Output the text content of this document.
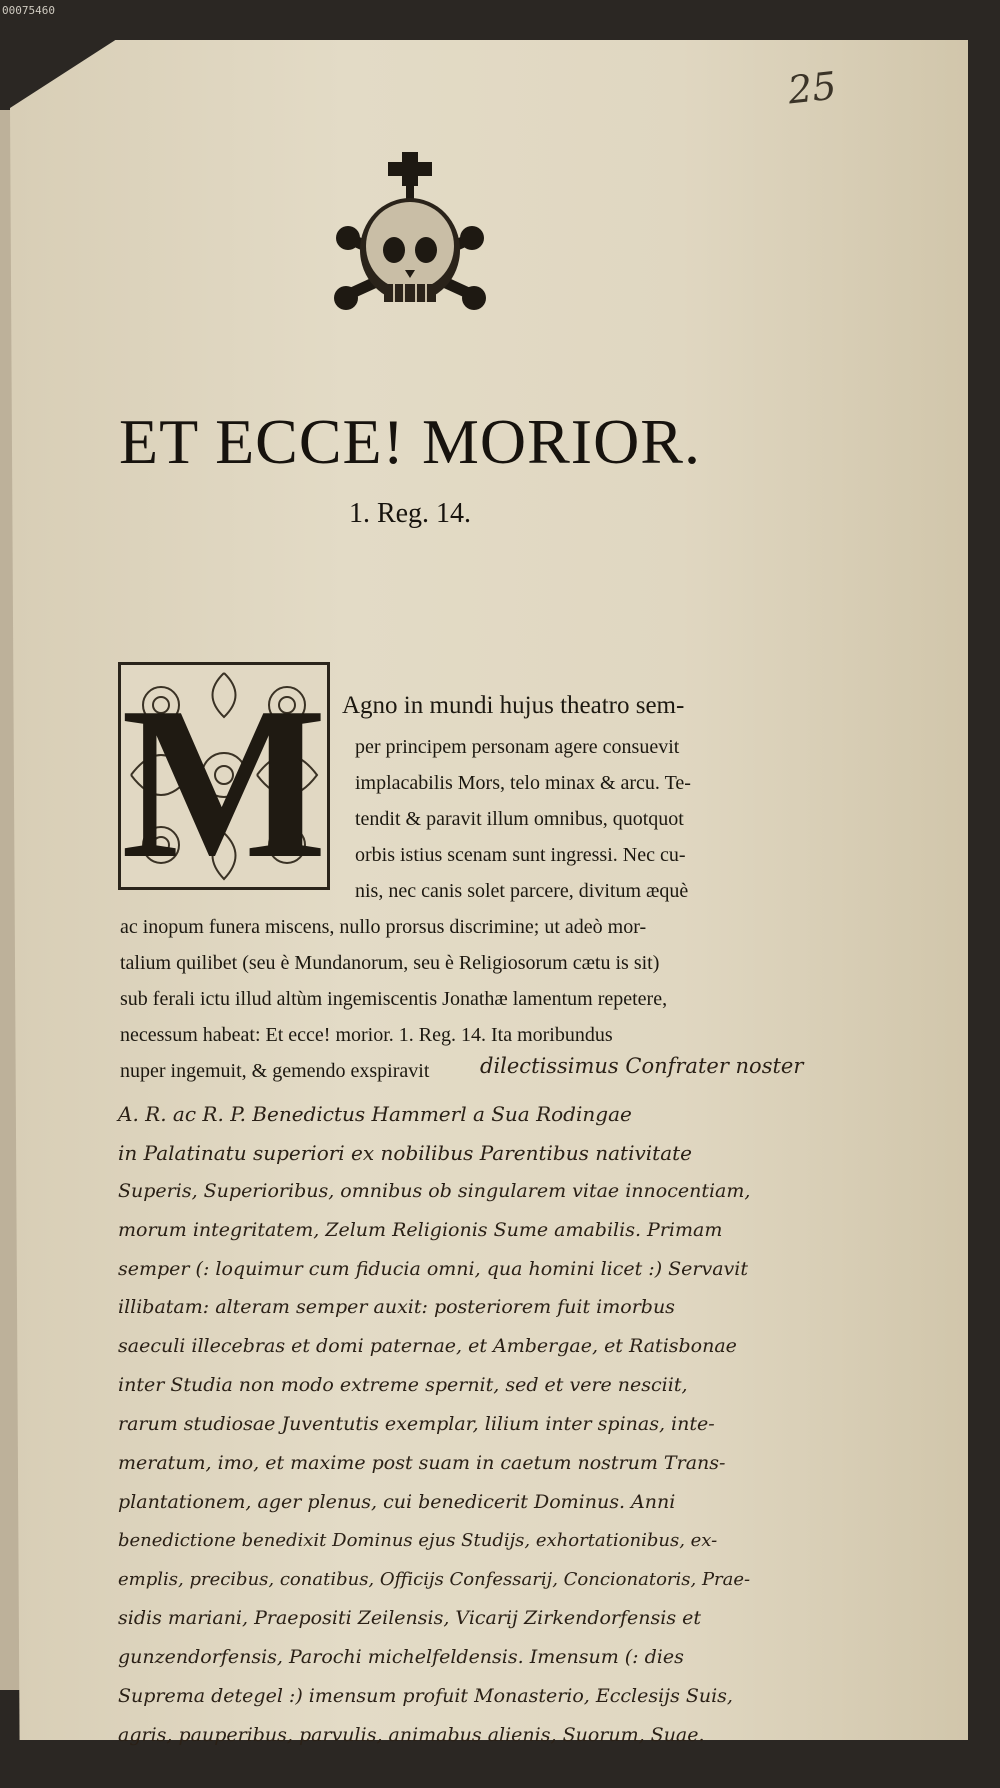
00075460
25
ET ECCE! MORIOR.
1. Reg. 14.
M Agno in mundi hujus theatro sem-
per principem personam agere consuevit
implacabilis Mors, telo minax & arcu. Te-
tendit & paravit illum omnibus, quotquot
orbis istius scenam sunt ingressi. Nec cu-
nis, nec canis solet parcere, divitum æquè
ac inopum funera miscens, nullo prorsus discrimine; ut adeò mor-
talium quilibet (seu è Mundanorum, seu è Religiosorum cætu is sit)
sub ferali ictu illud altùm ingemiscentis Jonathæ lamentum repetere,
necessum habeat: Et ecce! morior. 1. Reg. 14. Ita moribundus
nuper ingemuit, & gemendo exspiravit dilectissimus Confrater noster
A. R. ac R. P. Benedictus Hammerl a Sua Rodingae
in Palatinatu superiori ex nobilibus Parentibus nativitate
Superis, Superioribus, omnibus ob singularem vitae innocentiam,
morum integritatem, Zelum Religionis Sume amabilis. Primam
semper (: loquimur cum fiducia omni, qua homini licet :) Servavit
illibatam: alteram semper auxit: posteriorem fuit imorbus
saeculi illecebras et domi paternae, et Ambergae, et Ratisbonae
inter Studia non modo extreme spernit, sed et vere nesciit,
rarum studiosae Juventutis exemplar, lilium inter spinas, inte-
meratum, imo, et maxime post suam in caetum nostrum Trans-
plantationem, ager plenus, cui benedicerit Dominus. Anni
benedictione benedixit Dominus ejus Studijs, exhortationibus, ex-
emplis, precibus, conatibus, Officijs Confessarij, Concionatoris, Prae-
sidis mariani, Praepositi Zeilensis, Vicarij Zirkendorfensis et
gunzendorfensis, Parochi michelfeldensis. Imensum (: dies
Suprema detegel :) imensum profuit Monasterio, Ecclesijs Suis,
agris, pauperibus, parvulis, animabus alienis, Suorum, Suae.
